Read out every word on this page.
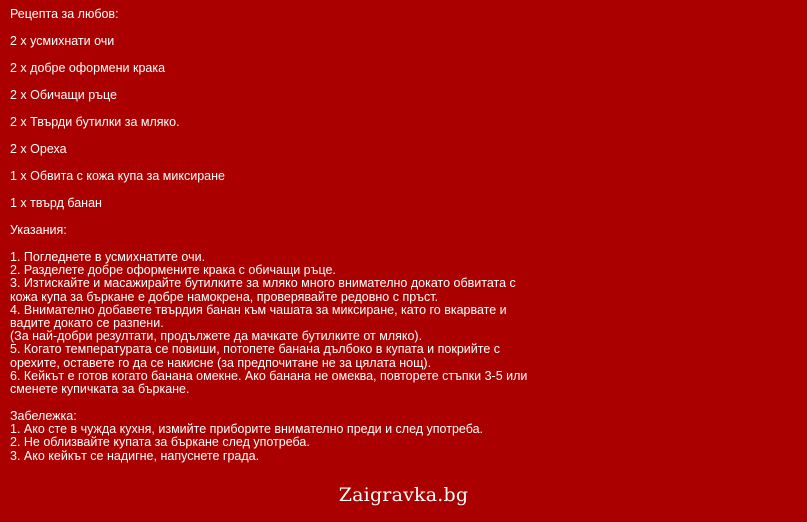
Рецепта за любов:
2 х усмихнати очи
2 х добре оформени крака
2 х Обичащи ръце
2 х Твърди бутилки за мляко.
2 х Ореха
1 х Обвита с кожа купа за миксиране
1 х твърд банан
Указания:
1. Погледнете в усмихнатите очи.
2. Разделете добре оформените крака с обичащи ръце.
3. Изтискайте и масажирайте бутилките за мляко много внимателно докато обвитата с
кожа купа за бъркане е добре намокрена, проверявайте редовно с пръст.
4. Внимателно добавете твърдия банан към чашата за миксиране, като го вкарвате и
вадите докато се разпени.
(За най-добри резултати, продължете да мачкате бутилките от мляко).
5. Когато температурата се повиши, потопете банана дълбоко в купата и покрийте с
орехите, оставете го да се накисне (за предпочитане не за цялата нощ).
6. Кейкът е готов когато банана омекне. Ако банана не омеква, повторете стъпки 3-5 или
сменете купичката за бъркане.
Забележка:
1. Ако сте в чужда кухня, измийте приборите внимателно преди и след употреба.
2. Не облизвайте купата за бъркане след употреба.
3. Ако кейкът се надигне, напуснете града.
Zaigravka.bg
